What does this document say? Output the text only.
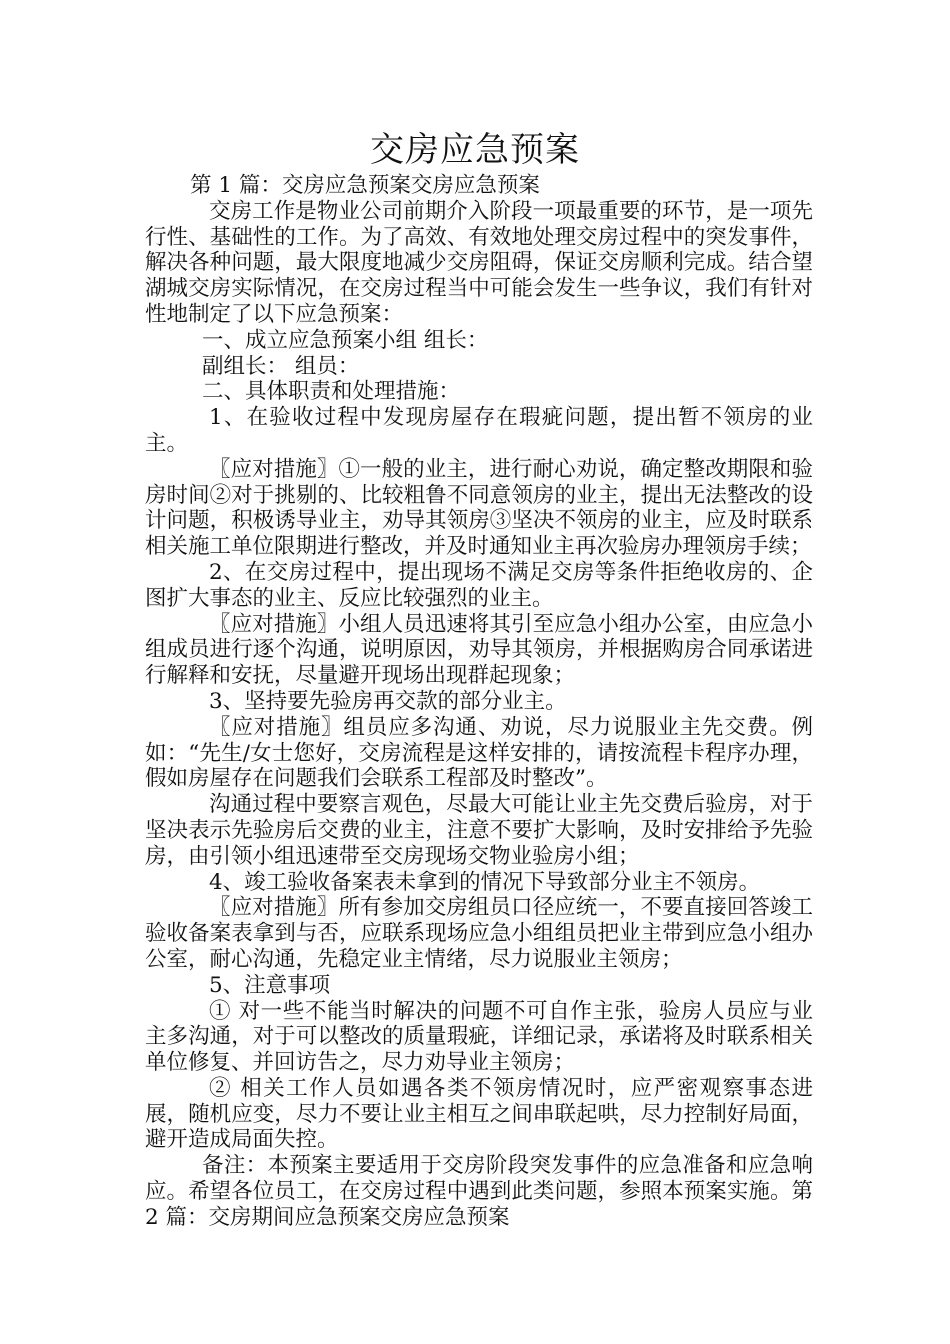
交房应急预案

第 1 篇：交房应急预案交房应急预案

交房工作是物业公司前期介入阶段一项最重要的环节，是一项先行性、基础性的工作。为了高效、有效地处理交房过程中的突发事件，解决各种问题，最大限度地减少交房阻碍，保证交房顺利完成。结合望湖城交房实际情况，在交房过程当中可能会发生一些争议，我们有针对性地制定了以下应急预案：

一、成立应急预案小组 组长：

副组长： 组员：

二、具体职责和处理措施：

1、在验收过程中发现房屋存在瑕疵问题，提出暂不领房的业主。

〖应对措施〗①一般的业主，进行耐心劝说，确定整改期限和验房时间②对于挑剔的、比较粗鲁不同意领房的业主，提出无法整改的设计问题，积极诱导业主，劝导其领房③坚决不领房的业主，应及时联系相关施工单位限期进行整改，并及时通知业主再次验房办理领房手续；

2、在交房过程中，提出现场不满足交房等条件拒绝收房的、企图扩大事态的业主、反应比较强烈的业主。

〖应对措施〗小组人员迅速将其引至应急小组办公室，由应急小组成员进行逐个沟通，说明原因，劝导其领房，并根据购房合同承诺进行解释和安抚，尽量避开现场出现群起现象；

3、坚持要先验房再交款的部分业主。

〖应对措施〗组员应多沟通、劝说，尽力说服业主先交费。例如：“先生/女士您好，交房流程是这样安排的，请按流程卡程序办理，假如房屋存在问题我们会联系工程部及时整改”。

沟通过程中要察言观色，尽最大可能让业主先交费后验房，对于坚决表示先验房后交费的业主，注意不要扩大影响，及时安排给予先验房，由引领小组迅速带至交房现场交物业验房小组；

4、竣工验收备案表未拿到的情况下导致部分业主不领房。

〖应对措施〗所有参加交房组员口径应统一，不要直接回答竣工验收备案表拿到与否，应联系现场应急小组组员把业主带到应急小组办公室，耐心沟通，先稳定业主情绪，尽力说服业主领房；

5、注意事项

① 对一些不能当时解决的问题不可自作主张，验房人员应与业主多沟通，对于可以整改的质量瑕疵，详细记录，承诺将及时联系相关单位修复、并回访告之，尽力劝导业主领房；

② 相关工作人员如遇各类不领房情况时，应严密观察事态进展，随机应变，尽力不要让业主相互之间串联起哄，尽力控制好局面，避开造成局面失控。

备注：本预案主要适用于交房阶段突发事件的应急准备和应急响应。希望各位员工，在交房过程中遇到此类问题，参照本预案实施。第 2 篇：交房期间应急预案交房应急预案
